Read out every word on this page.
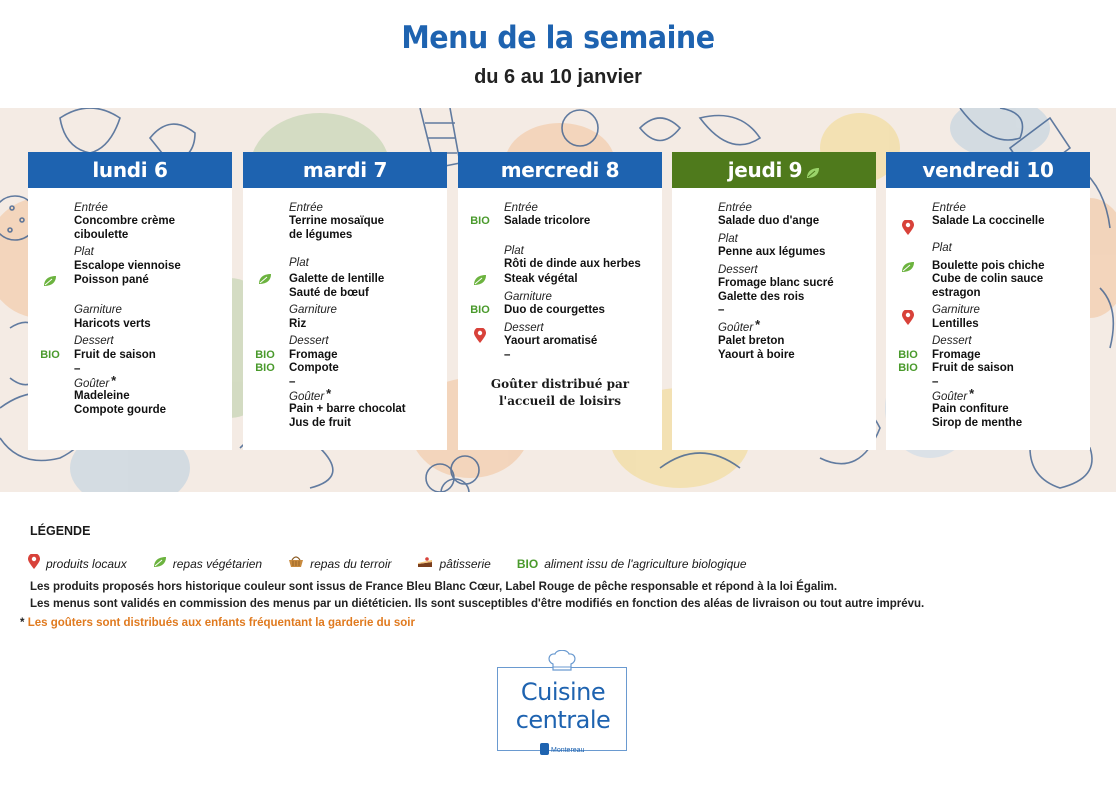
Menu de la semaine
du 6 au 10 janvier
lundi 6
Entrée
Concombre crème
ciboulette
Plat
Escalope viennoise
Poisson pané
Garniture
Haricots verts
Dessert
BIO Fruit de saison
–
Goûter *
Madeleine
Compote gourde
mardi 7
Entrée
Terrine mosaïque
de légumes
Plat
Galette de lentille
Sauté de bœuf
Garniture
Riz
Dessert
BIO Fromage
BIO Compote
–
Goûter *
Pain + barre chocolat
Jus de fruit
mercredi 8
Entrée
BIO Salade tricolore
Plat
Rôti de dinde aux herbes
Steak végétal
Garniture
BIO Duo de courgettes
Dessert
Yaourt aromatisé
–
Goûter distribué par
l'accueil de loisirs
jeudi 9
Entrée
Salade duo d'ange
Plat
Penne aux légumes
Dessert
Fromage blanc sucré
Galette des rois
–
Goûter *
Palet breton
Yaourt à boire
vendredi 10
Entrée
Salade La coccinelle
Plat
Boulette pois chiche
Cube de colin sauce
estragon
Garniture
Lentilles
Dessert
BIO Fromage
BIO Fruit de saison
–
Goûter *
Pain confiture
Sirop de menthe
LÉGENDE
produits locaux	repas végétarien	repas du terroir	pâtisserie BIO aliment issu de l'agriculture biologique
Les produits proposés hors historique couleur sont issus de France Bleu Blanc Cœur, Label Rouge de pêche responsable et répond à la loi Égalim.
Les menus sont validés en commission des menus par un diététicien. Ils sont susceptibles d'être modifiés en fonction des aléas de livraison ou tout autre imprévu.
* Les goûters sont distribués aux enfants fréquentant la garderie du soir
Cuisine
centrale
Montereau
